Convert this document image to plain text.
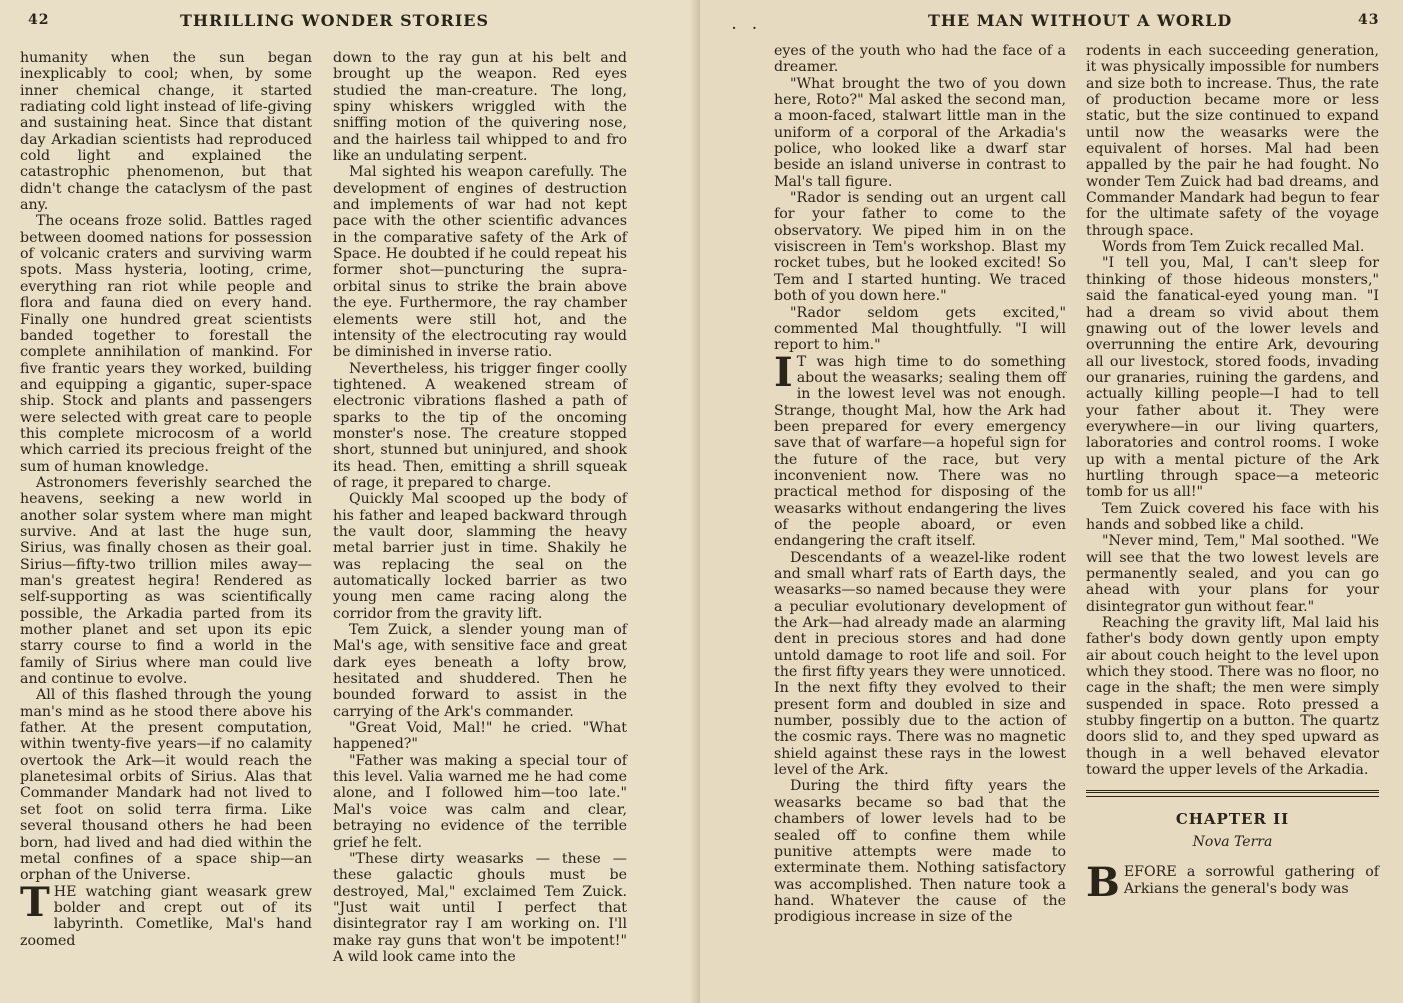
42	THRILLING WONDER STORIES

humanity when the sun began inexplicably to cool; when, by some inner chemical change, it started radiating cold light instead of life-giving and sustaining heat. Since that distant day Arkadian scientists had reproduced cold light and explained the catastrophic phenomenon, but that didn't change the cataclysm of the past any.

The oceans froze solid. Battles raged between doomed nations for possession of volcanic craters and surviving warm spots. Mass hysteria, looting, crime, everything ran riot while people and flora and fauna died on every hand. Finally one hundred great scientists banded together to forestall the complete annihilation of mankind. For five frantic years they worked, building and equipping a gigantic, super-space ship. Stock and plants and passengers were selected with great care to people this complete microcosm of a world which carried its precious freight of the sum of human knowledge.

Astronomers feverishly searched the heavens, seeking a new world in another solar system where man might survive. And at last the huge sun, Sirius, was finally chosen as their goal. Sirius—fifty-two trillion miles away—man's greatest hegira! Rendered as self-supporting as was scientifically possible, the Arkadia parted from its mother planet and set upon its epic starry course to find a world in the family of Sirius where man could live and continue to evolve.

All of this flashed through the young man's mind as he stood there above his father. At the present computation, within twenty-five years—if no calamity overtook the Ark—it would reach the planetesimal orbits of Sirius. Alas that Commander Mandark had not lived to set foot on solid terra firma. Like several thousand others he had been born, had lived and had died within the metal confines of a space ship—an orphan of the Universe.

THE watching giant weasark grew bolder and crept out of its labyrinth. Cometlike, Mal's hand zoomed

down to the ray gun at his belt and brought up the weapon. Red eyes studied the man-creature. The long, spiny whiskers wriggled with the sniffing motion of the quivering nose, and the hairless tail whipped to and fro like an undulating serpent.

Mal sighted his weapon carefully. The development of engines of destruction and implements of war had not kept pace with the other scientific advances in the comparative safety of the Ark of Space. He doubted if he could repeat his former shot—puncturing the supra-orbital sinus to strike the brain above the eye. Furthermore, the ray chamber elements were still hot, and the intensity of the electrocuting ray would be diminished in inverse ratio.

Nevertheless, his trigger finger coolly tightened. A weakened stream of electronic vibrations flashed a path of sparks to the tip of the oncoming monster's nose. The creature stopped short, stunned but uninjured, and shook its head. Then, emitting a shrill squeak of rage, it prepared to charge.

Quickly Mal scooped up the body of his father and leaped backward through the vault door, slamming the heavy metal barrier just in time. Shakily he was replacing the seal on the automatically locked barrier as two young men came racing along the corridor from the gravity lift.

Tem Zuick, a slender young man of Mal's age, with sensitive face and great dark eyes beneath a lofty brow, hesitated and shuddered. Then he bounded forward to assist in the carrying of the Ark's commander.

"Great Void, Mal!" he cried. "What happened?"

"Father was making a special tour of this level. Valia warned me he had come alone, and I followed him—too late." Mal's voice was calm and clear, betraying no evidence of the terrible grief he felt.

"These dirty weasarks — these — these galactic ghouls must be destroyed, Mal," exclaimed Tem Zuick. "Just wait until I perfect that disintegrator ray I am working on. I'll make ray guns that won't be impotent!" A wild look came into the

. .	THE MAN WITHOUT A WORLD	43

eyes of the youth who had the face of a dreamer.

"What brought the two of you down here, Roto?" Mal asked the second man, a moon-faced, stalwart little man in the uniform of a corporal of the Arkadia's police, who looked like a dwarf star beside an island universe in contrast to Mal's tall figure.

"Rador is sending out an urgent call for your father to come to the observatory. We piped him in on the visiscreen in Tem's workshop. Blast my rocket tubes, but he looked excited! So Tem and I started hunting. We traced both of you down here."

"Rador seldom gets excited," commented Mal thoughtfully. "I will report to him."

I T was high time to do something about the weasarks; sealing them off in the lowest level was not enough. Strange, thought Mal, how the Ark had been prepared for every emergency save that of warfare—a hopeful sign for the future of the race, but very inconvenient now. There was no practical method for disposing of the weasarks without endangering the lives of the people aboard, or even endangering the craft itself.

Descendants of a weazel-like rodent and small wharf rats of Earth days, the weasarks—so named because they were a peculiar evolutionary development of the Ark—had already made an alarming dent in precious stores and had done untold damage to root life and soil. For the first fifty years they were unnoticed. In the next fifty they evolved to their present form and doubled in size and number, possibly due to the action of the cosmic rays. There was no magnetic shield against these rays in the lowest level of the Ark.

During the third fifty years the weasarks became so bad that the chambers of lower levels had to be sealed off to confine them while punitive attempts were made to exterminate them. Nothing satisfactory was accomplished. Then nature took a hand. Whatever the cause of the prodigious increase in size of the

rodents in each succeeding generation, it was physically impossible for numbers and size both to increase. Thus, the rate of production became more or less static, but the size continued to expand until now the weasarks were the equivalent of horses. Mal had been appalled by the pair he had fought. No wonder Tem Zuick had bad dreams, and Commander Mandark had begun to fear for the ultimate safety of the voyage through space.

Words from Tem Zuick recalled Mal.

"I tell you, Mal, I can't sleep for thinking of those hideous monsters," said the fanatical-eyed young man. "I had a dream so vivid about them gnawing out of the lower levels and overrunning the entire Ark, devouring all our livestock, stored foods, invading our granaries, ruining the gardens, and actually killing people—I had to tell your father about it. They were everywhere—in our living quarters, laboratories and control rooms. I woke up with a mental picture of the Ark hurtling through space—a meteoric tomb for us all!"

Tem Zuick covered his face with his hands and sobbed like a child.

"Never mind, Tem," Mal soothed. "We will see that the two lowest levels are permanently sealed, and you can go ahead with your plans for your disintegrator gun without fear."

Reaching the gravity lift, Mal laid his father's body down gently upon empty air about couch height to the level upon which they stood. There was no floor, no cage in the shaft; the men were simply suspended in space. Roto pressed a stubby fingertip on a button. The quartz doors slid to, and they sped upward as though in a well behaved elevator toward the upper levels of the Arkadia.

CHAPTER II
Nova Terra

BEFORE a sorrowful gathering of Arkians the general's body was
